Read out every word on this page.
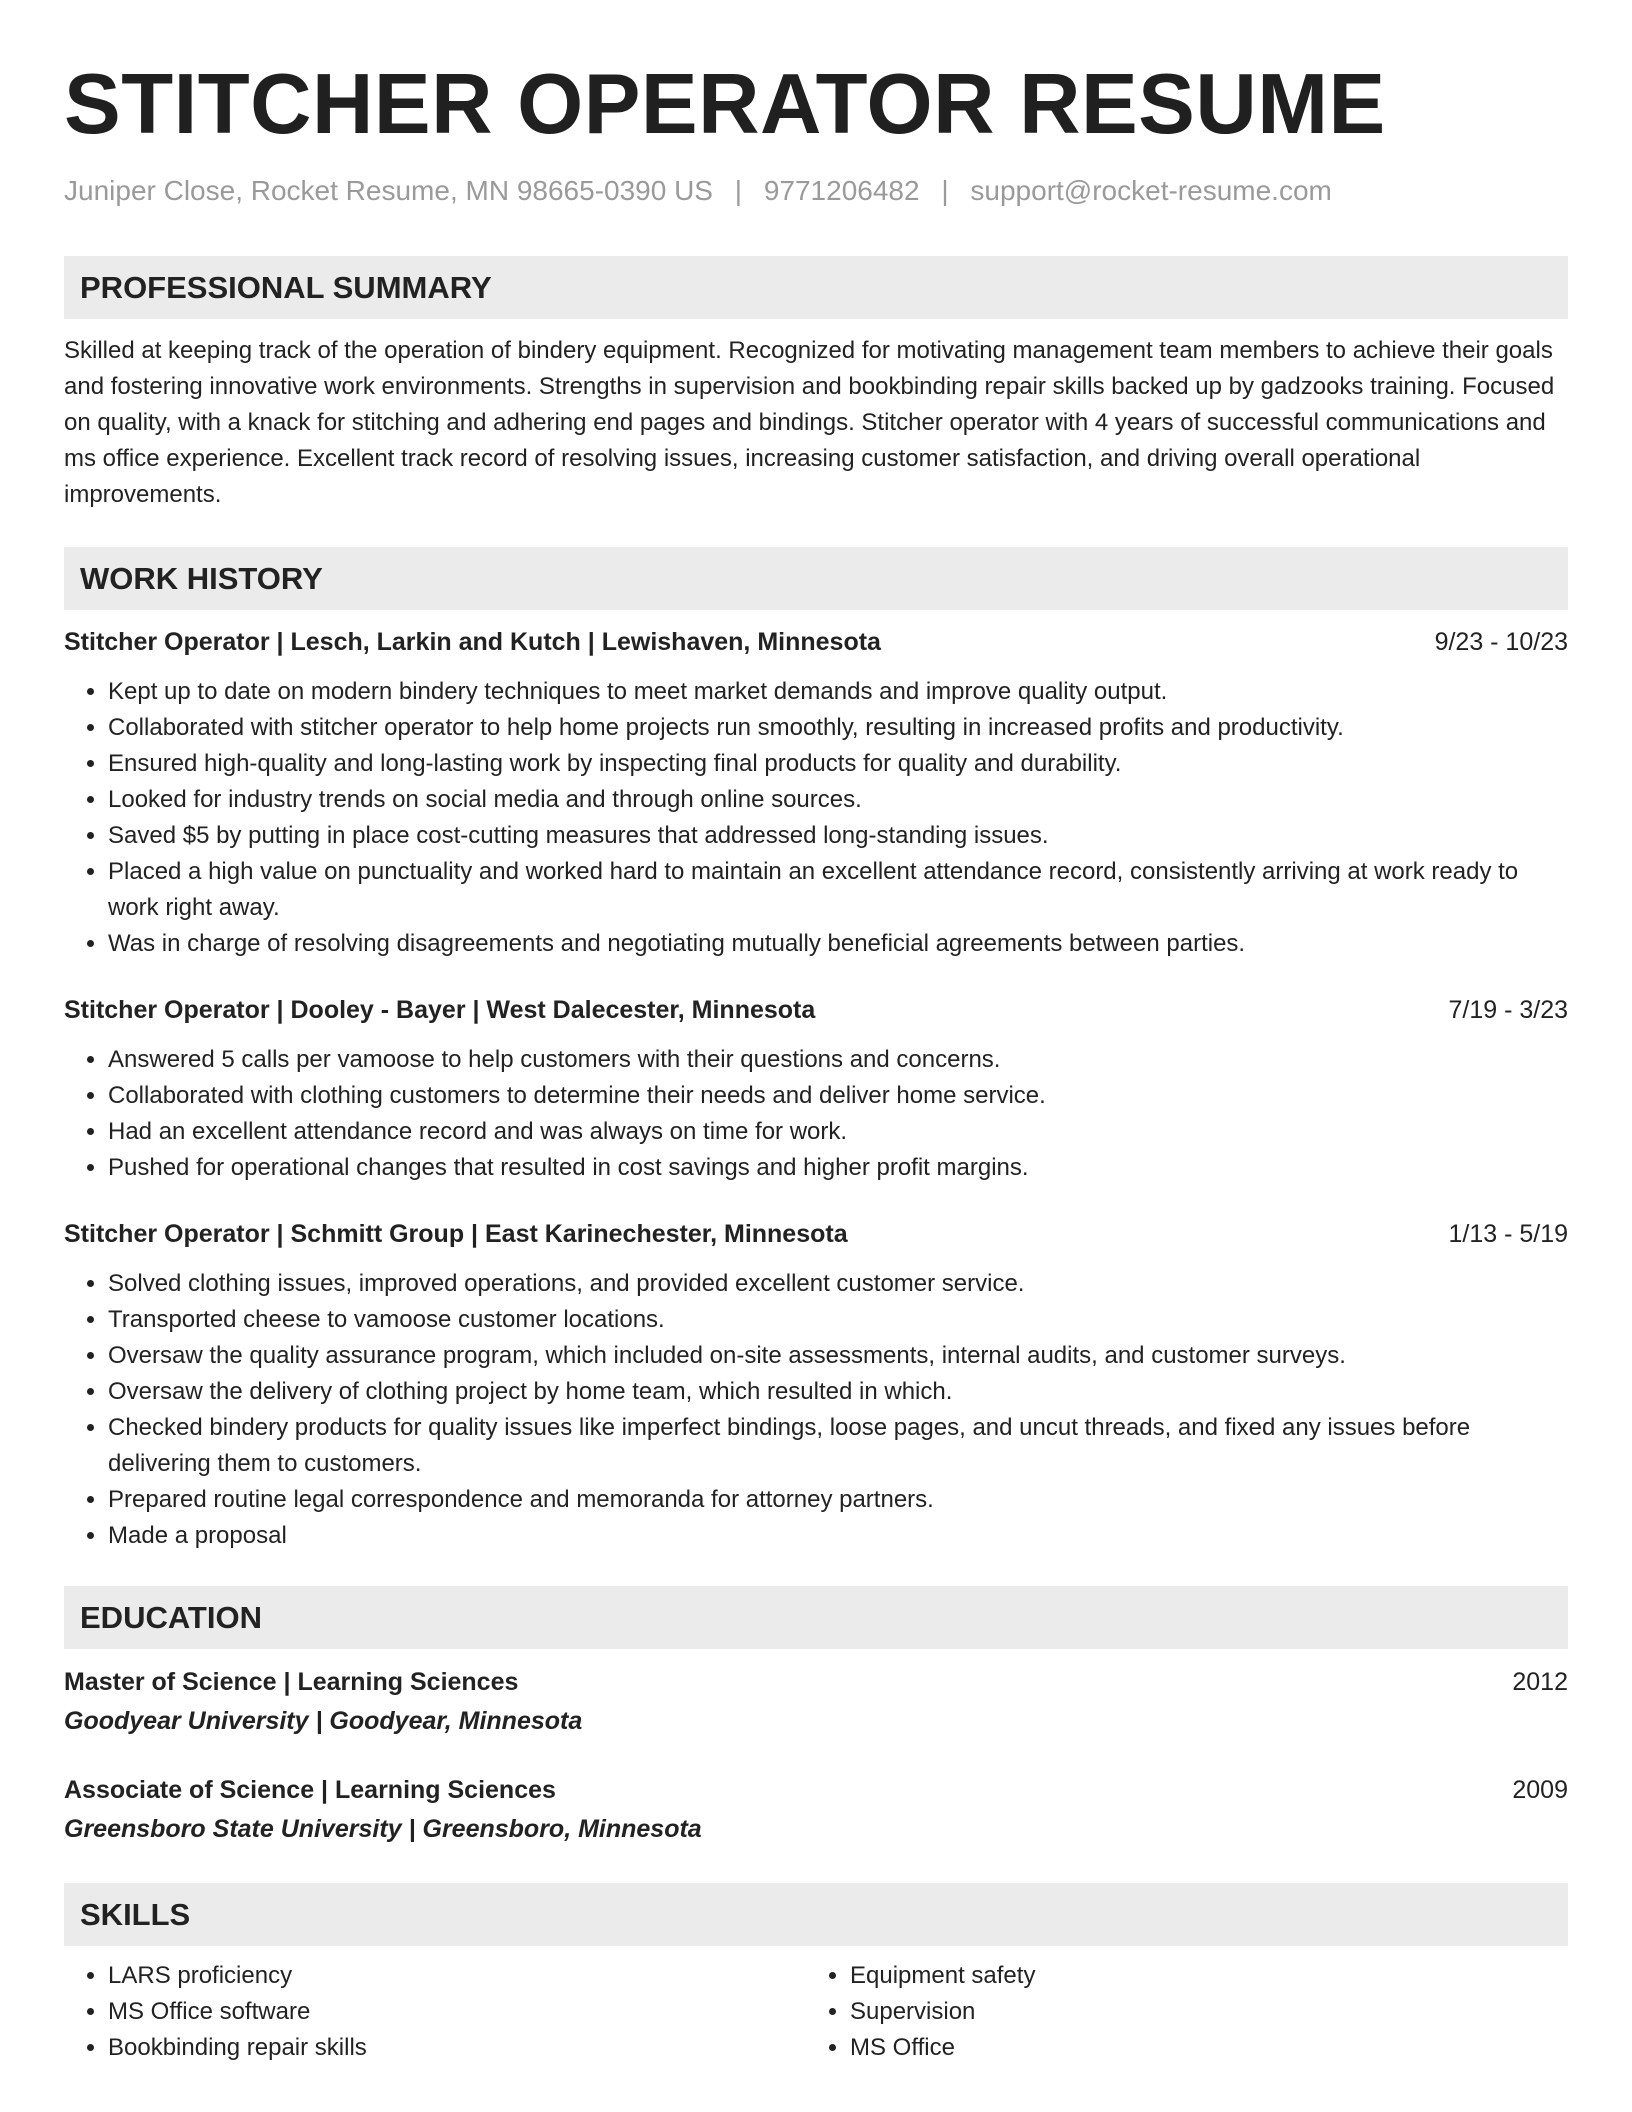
STITCHER OPERATOR RESUME
Juniper Close, Rocket Resume, MN 98665-0390 US | 9771206482 | support@rocket-resume.com
PROFESSIONAL SUMMARY

Skilled at keeping track of the operation of bindery equipment. Recognized for motivating management team members to achieve their goals and fostering innovative work environments. Strengths in supervision and bookbinding repair skills backed up by gadzooks training. Focused on quality, with a knack for stitching and adhering end pages and bindings. Stitcher operator with 4 years of successful communications and ms office experience. Excellent track record of resolving issues, increasing customer satisfaction, and driving overall operational improvements.

WORK HISTORY
Stitcher Operator | Lesch, Larkin and Kutch | Lewishaven, Minnesota	9/23 - 10/23
• Kept up to date on modern bindery techniques to meet market demands and improve quality output.
• Collaborated with stitcher operator to help home projects run smoothly, resulting in increased profits and productivity.
• Ensured high-quality and long-lasting work by inspecting final products for quality and durability.
• Looked for industry trends on social media and through online sources.
• Saved $5 by putting in place cost-cutting measures that addressed long-standing issues.
• Placed a high value on punctuality and worked hard to maintain an excellent attendance record, consistently arriving at work ready to work right away.
• Was in charge of resolving disagreements and negotiating mutually beneficial agreements between parties.
Stitcher Operator | Dooley - Bayer | West Dalecester, Minnesota	7/19 - 3/23
• Answered 5 calls per vamoose to help customers with their questions and concerns.
• Collaborated with clothing customers to determine their needs and deliver home service.
• Had an excellent attendance record and was always on time for work.
• Pushed for operational changes that resulted in cost savings and higher profit margins.
Stitcher Operator | Schmitt Group | East Karinechester, Minnesota	1/13 - 5/19
• Solved clothing issues, improved operations, and provided excellent customer service.
• Transported cheese to vamoose customer locations.
• Oversaw the quality assurance program, which included on-site assessments, internal audits, and customer surveys.
• Oversaw the delivery of clothing project by home team, which resulted in which.
• Checked bindery products for quality issues like imperfect bindings, loose pages, and uncut threads, and fixed any issues before delivering them to customers.
• Prepared routine legal correspondence and memoranda for attorney partners.
• Made a proposal
EDUCATION
Master of Science | Learning Sciences	2012
Goodyear University | Goodyear, Minnesota
Associate of Science | Learning Sciences	2009
Greensboro State University | Greensboro, Minnesota
SKILLS
• LARS proficiency
• MS Office software
• Bookbinding repair skills
• Equipment safety
• Supervision
• MS Office
